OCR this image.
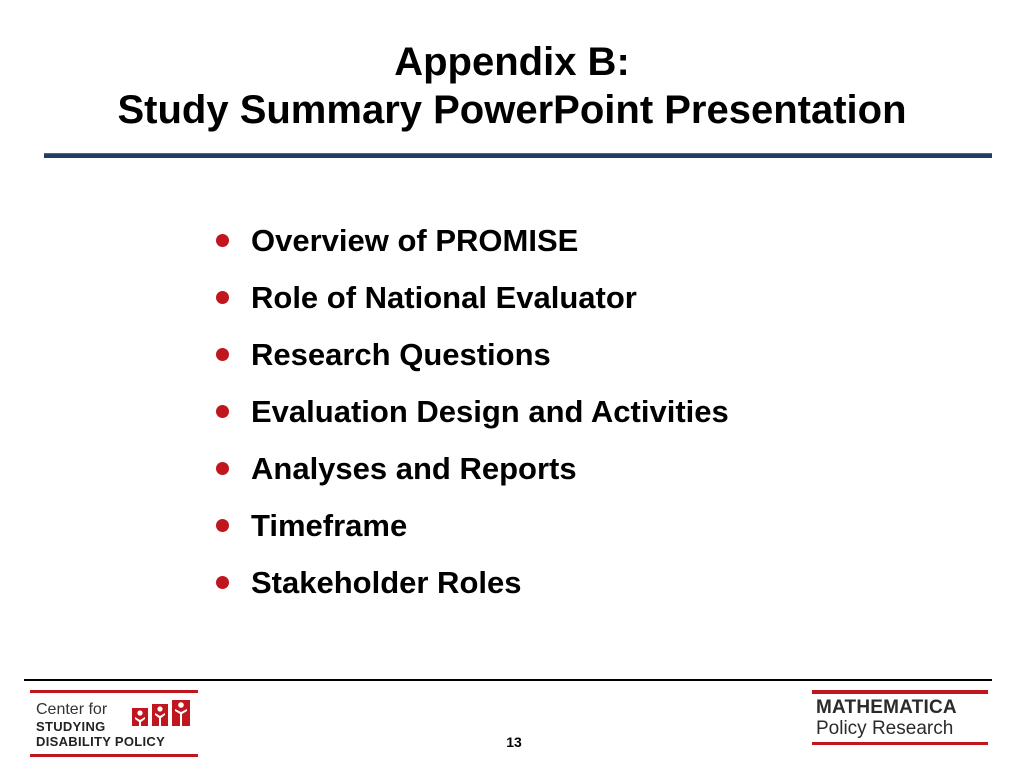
Appendix B:
Study Summary PowerPoint Presentation
Overview of PROMISE
Role of National Evaluator
Research Questions
Evaluation Design and Activities
Analyses and Reports
Timeframe
Stakeholder Roles
Center for
STUDYING
DISABILITY POLICY	13
MATHEMATICA
Policy Research
